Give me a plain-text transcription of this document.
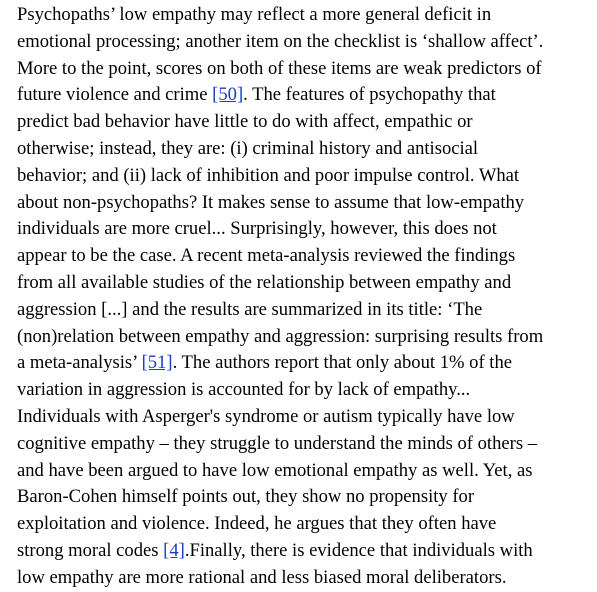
Psychopaths’ low empathy may reflect a more general deficit in
emotional processing; another item on the checklist is ‘shallow affect’.
More to the point, scores on both of these items are weak predictors of
future violence and crime [50]. The features of psychopathy that
predict bad behavior have little to do with affect, empathic or
otherwise; instead, they are: (i) criminal history and antisocial
behavior; and (ii) lack of inhibition and poor impulse control. What
about non-psychopaths? It makes sense to assume that low-empathy
individuals are more cruel... Surprisingly, however, this does not
appear to be the case. A recent meta-analysis reviewed the findings
from all available studies of the relationship between empathy and
aggression [...] and the results are summarized in its title: ‘The
(non)relation between empathy and aggression: surprising results from
a meta-analysis’ [51]. The authors report that only about 1% of the
variation in aggression is accounted for by lack of empathy...
Individuals with Asperger's syndrome or autism typically have low
cognitive empathy – they struggle to understand the minds of others –
and have been argued to have low emotional empathy as well. Yet, as
Baron-Cohen himself points out, they show no propensity for
exploitation and violence. Indeed, he argues that they often have
strong moral codes [4].Finally, there is evidence that individuals with
low empathy are more rational and less biased moral deliberators.
